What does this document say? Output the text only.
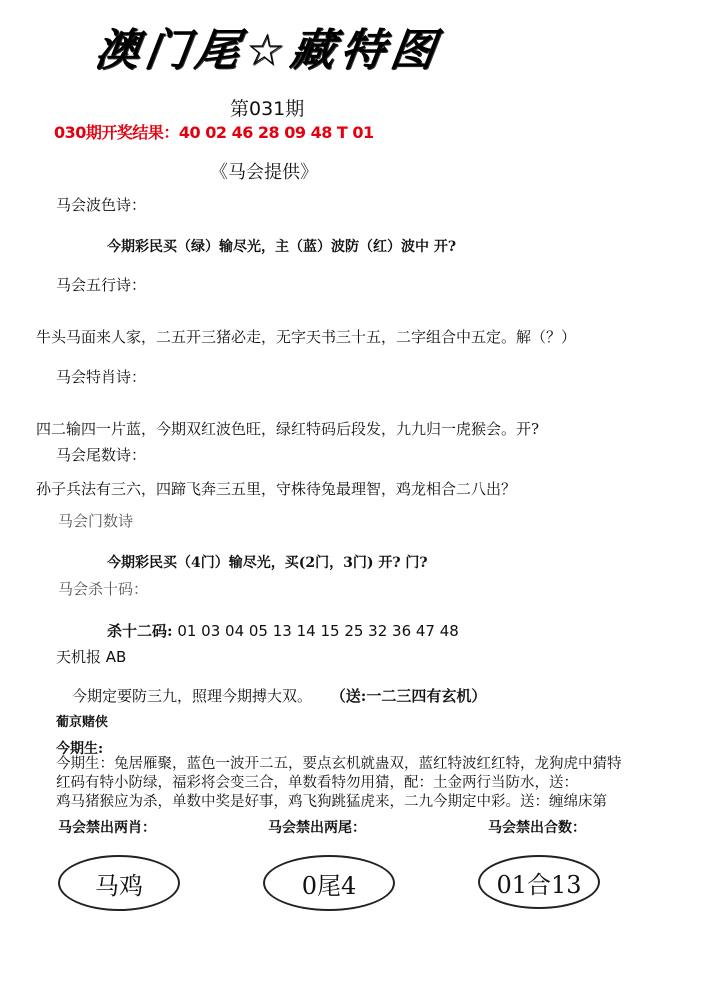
澳门尾☆藏特图
第031期
030期开奖结果：40 02 46 28 09 48 T 01
《马会提供》
马会波色诗：
今期彩民买（绿）输尽光，主（蓝）波防（红）波中 开?
马会五行诗：
牛头马面来人家，二五开三猪必走，无字天书三十五，二字组合中五定。解（？）
马会特肖诗：
四二输四一片蓝，今期双红波色旺，绿红特码后段发，九九归一虎猴会。开?
马会尾数诗：
孙子兵法有三六，四蹄飞奔三五里，守株待兔最理智，鸡龙相合二八出？
马会门数诗
今期彩民买（4门）输尽光，买(2门，3门) 开? 门?
马会杀十码：
杀十二码: 01 03 04 05 13 14 15 25 32 36 47 48
天机报 AB
今期定要防三九，照理今期搏大双。 （送:一二三四有玄机）
葡京赌侠
今期生:
今期生：兔居雁聚，蓝色一波开二五，要点玄机就蛊双，蓝红特波红红特，龙狗虎中猜特
红码有特小防绿，福彩将会变三合，单数看特勿用猜，配：土金两行当防水，送：
鸡马猪猴应为杀，单数中奖是好事，鸡飞狗跳猛虎来，二九今期定中彩。送：缠绵床第
马会禁出两肖：	马会禁出两尾：	马会禁出合数：
马鸡	0尾4	01合13
